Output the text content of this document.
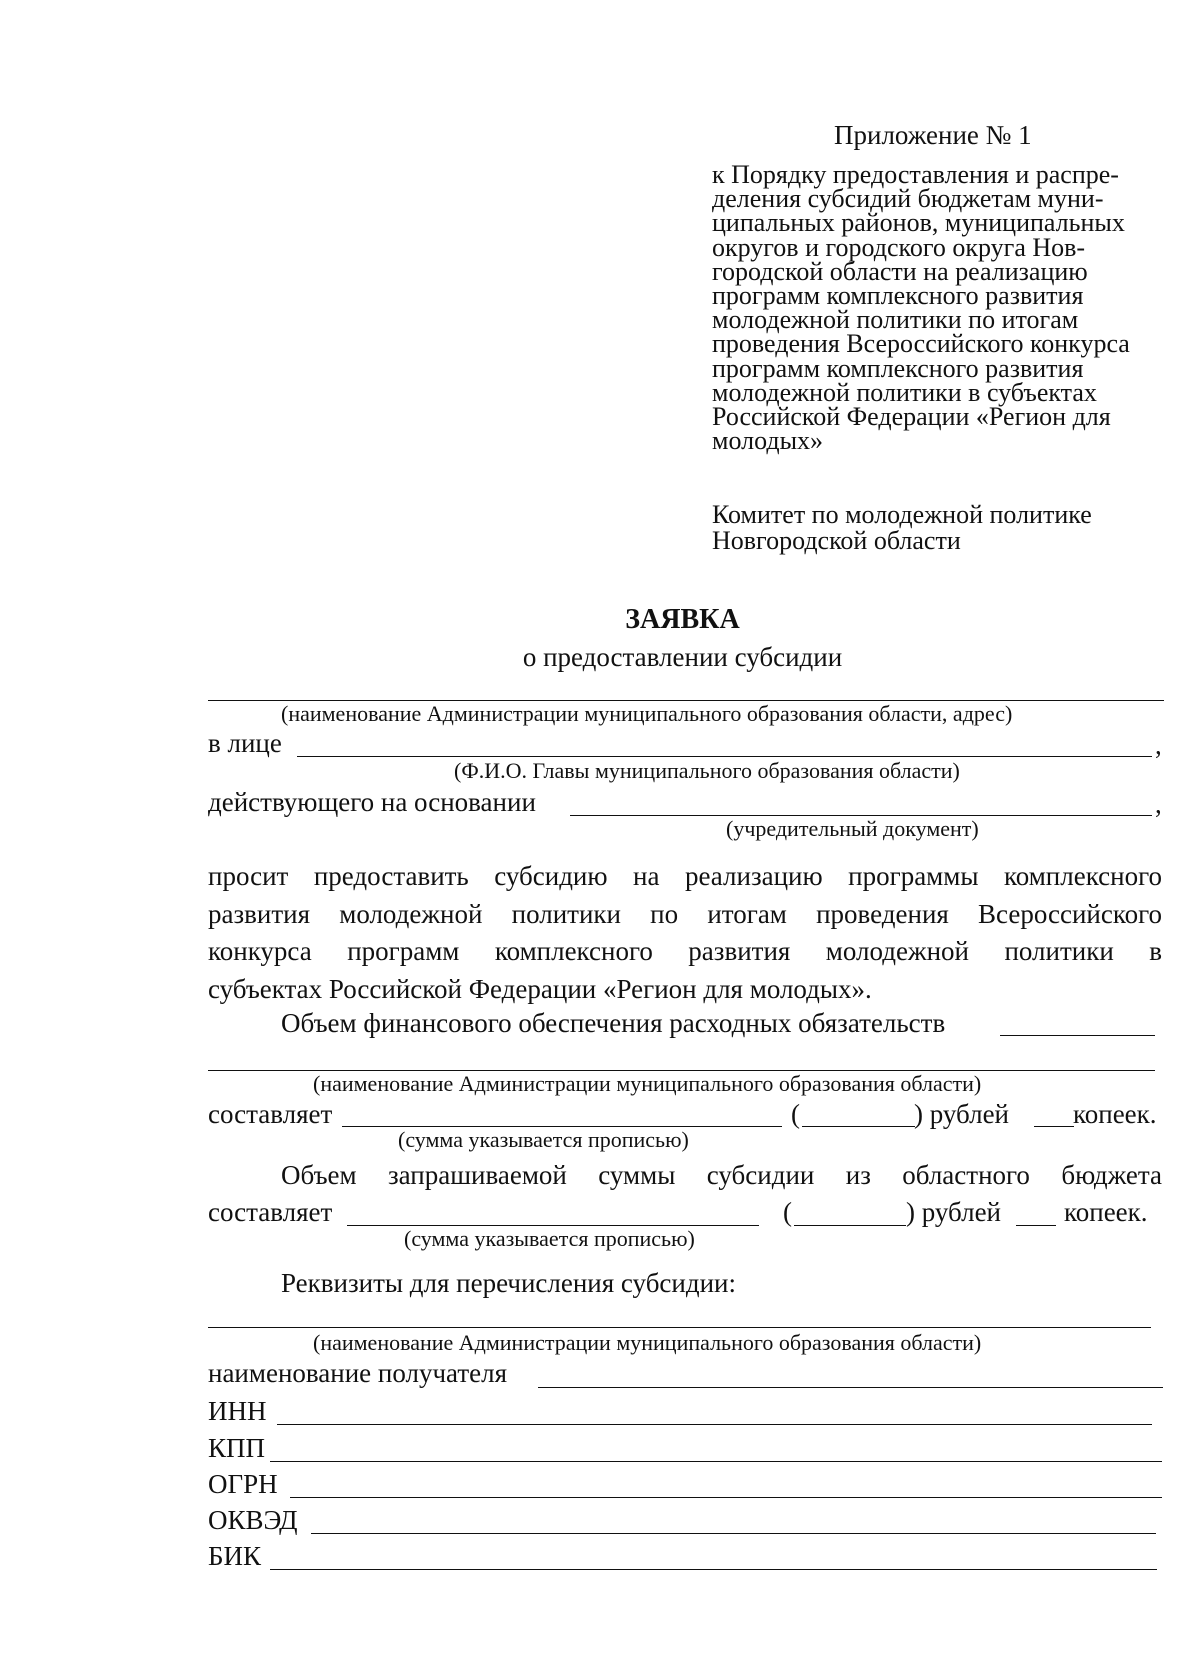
Приложение № 1
к Порядку предоставления и распре-
деления субсидий бюджетам муни-
ципальных районов, муниципальных
округов и городского округа Нов-
городской области на реализацию
программ комплексного развития
молодежной политики по итогам
проведения Всероссийского конкурса
программ комплексного развития
молодежной политики в субъектах
Российской Федерации «Регион для
молодых»
Комитет по молодежной политике
Новгородской области
ЗАЯВКА
о предоставлении субсидии
(наименование Администрации муниципального образования области, адрес)
в лице	,
(Ф.И.О. Главы муниципального образования области)
действующего на основании	,
(учредительный документ)
просит предоставить субсидию на реализацию программы комплексного
развития молодежной политики по итогам проведения Всероссийского
конкурса программ комплексного развития молодежной политики в
субъектах Российской Федерации «Регион для молодых».
Объем финансового обеспечения расходных обязательств
(наименование Администрации муниципального образования области)
составляет	(	) рублей копеек.
(сумма указывается прописью)
Объем запрашиваемой суммы субсидии из областного бюджета
составляет	(	) рублей копеек.
(сумма указывается прописью)
Реквизиты для перечисления субсидии:
(наименование Администрации муниципального образования области)
наименование получателя
ИНН
КПП
ОГРН
ОКВЭД
БИК
